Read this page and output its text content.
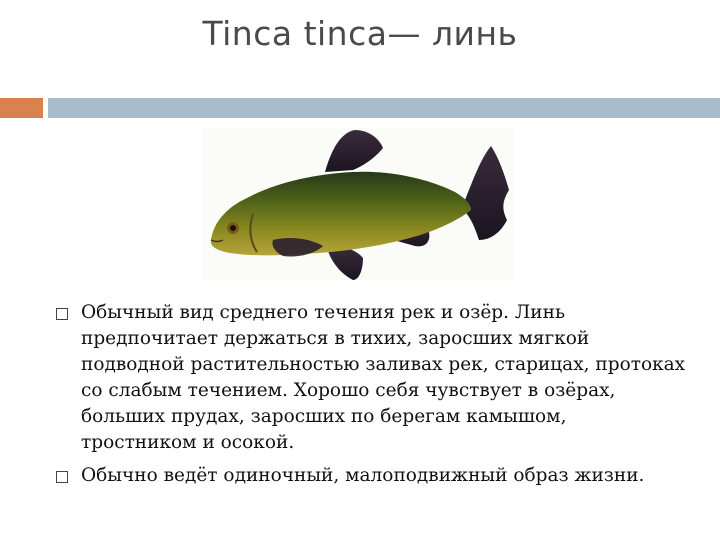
Tinca tinca— линь
Обычный вид среднего течения рек и озёр. Линь предпочитает держаться в тихих, заросших мягкой подводной растительностью заливах рек, старицах, протоках со слабым течением. Хорошо себя чувствует в озёрах, больших прудах, заросших по берегам камышом, тростником и осокой.
Обычно ведёт одиночный, малоподвижный образ жизни.
